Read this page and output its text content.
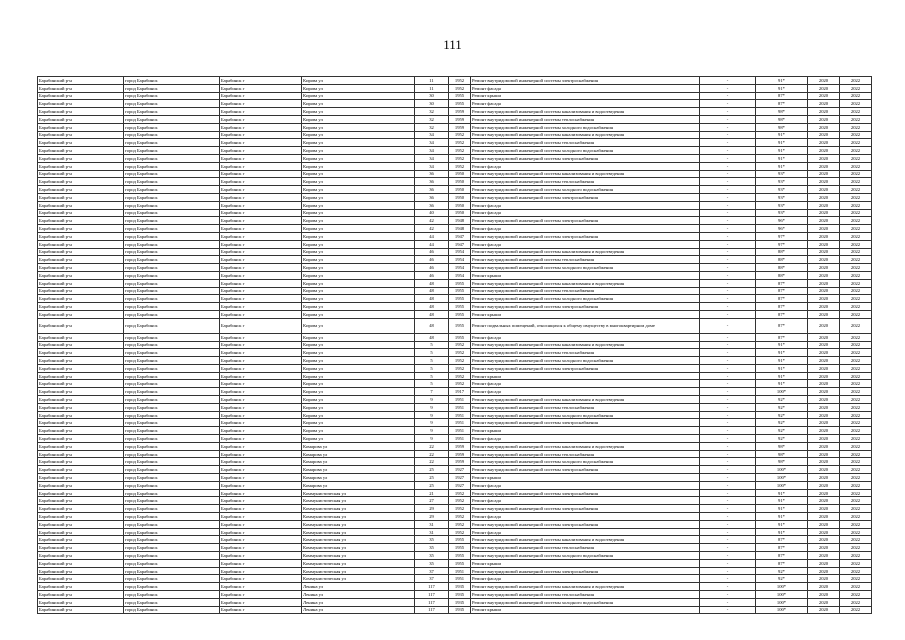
111
Барабинский р-н	город Барабинск	Барабинск г	Кирова ул	11	1952	Ремонт внутридомовой инженерной системы электроснабжения	-	91*	2020	2022
Барабинский р-н	город Барабинск	Барабинск г	Кирова ул	11	1952	Ремонт фасада	-	91*	2020	2022
Барабинский р-н	город Барабинск	Барабинск г	Кирова ул	30	1955	Ремонт крыши	-	87*	2020	2022
Барабинский р-н	город Барабинск	Барабинск г	Кирова ул	30	1955	Ремонт фасада	-	87*	2020	2022
Барабинский р-н	город Барабинск	Барабинск г	Кирова ул	32	1959	Ремонт внутридомовой инженерной системы канализования и водоотведения	-	98*	2020	2022
Барабинский р-н	город Барабинск	Барабинск г	Кирова ул	32	1959	Ремонт внутридомовой инженерной системы теплоснабжения	-	98*	2020	2022
Барабинский р-н	город Барабинск	Барабинск г	Кирова ул	32	1959	Ремонт внутридомовой инженерной системы холодного водоснабжения	-	98*	2020	2022
Барабинский р-н	город Барабинск	Барабинск г	Кирова ул	34	1952	Ремонт внутридомовой инженерной системы канализования и водоотведения	-	91*	2020	2022
Барабинский р-н	город Барабинск	Барабинск г	Кирова ул	34	1952	Ремонт внутридомовой инженерной системы теплоснабжения	-	91*	2020	2022
Барабинский р-н	город Барабинск	Барабинск г	Кирова ул	34	1952	Ремонт внутридомовой инженерной системы холодного водоснабжения	-	91*	2020	2022
Барабинский р-н	город Барабинск	Барабинск г	Кирова ул	34	1952	Ремонт внутридомовой инженерной системы электроснабжения	-	91*	2020	2022
Барабинский р-н	город Барабинск	Барабинск г	Кирова ул	34	1952	Ремонт фасада	-	91*	2020	2022
Барабинский р-н	город Барабинск	Барабинск г	Кирова ул	36	1950	Ремонт внутридомовой инженерной системы канализования и водоотведения	-	93*	2020	2022
Барабинский р-н	город Барабинск	Барабинск г	Кирова ул	36	1950	Ремонт внутридомовой инженерной системы теплоснабжения	-	93*	2020	2022
Барабинский р-н	город Барабинск	Барабинск г	Кирова ул	36	1950	Ремонт внутридомовой инженерной системы холодного водоснабжения	-	93*	2020	2022
Барабинский р-н	город Барабинск	Барабинск г	Кирова ул	36	1950	Ремонт внутридомовой инженерной системы электроснабжения	-	93*	2020	2022
Барабинский р-н	город Барабинск	Барабинск г	Кирова ул	36	1950	Ремонт фасада	-	93*	2020	2022
Барабинский р-н	город Барабинск	Барабинск г	Кирова ул	40	1950	Ремонт фасада	-	93*	2020	2022
Барабинский р-н	город Барабинск	Барабинск г	Кирова ул	42	1948	Ремонт внутридомовой инженерной системы электроснабжения	-	96*	2020	2022
Барабинский р-н	город Барабинск	Барабинск г	Кирова ул	42	1948	Ремонт фасада	-	96*	2020	2022
Барабинский р-н	город Барабинск	Барабинск г	Кирова ул	44	1947	Ремонт внутридомовой инженерной системы электроснабжения	-	97*	2020	2022
Барабинский р-н	город Барабинск	Барабинск г	Кирова ул	44	1947	Ремонт фасада	-	97*	2020	2022
Барабинский р-н	город Барабинск	Барабинск г	Кирова ул	46	1954	Ремонт внутридомовой инженерной системы канализования и водоотведения	-	88*	2020	2022
Барабинский р-н	город Барабинск	Барабинск г	Кирова ул	46	1954	Ремонт внутридомовой инженерной системы теплоснабжения	-	88*	2020	2022
Барабинский р-н	город Барабинск	Барабинск г	Кирова ул	46	1954	Ремонт внутридомовой инженерной системы холодного водоснабжения	-	88*	2020	2022
Барабинский р-н	город Барабинск	Барабинск г	Кирова ул	46	1954	Ремонт крыши	-	88*	2020	2022
Барабинский р-н	город Барабинск	Барабинск г	Кирова ул	48	1955	Ремонт внутридомовой инженерной системы канализования и водоотведения	-	87*	2020	2022
Барабинский р-н	город Барабинск	Барабинск г	Кирова ул	48	1955	Ремонт внутридомовой инженерной системы теплоснабжения	-	87*	2020	2022
Барабинский р-н	город Барабинск	Барабинск г	Кирова ул	48	1955	Ремонт внутридомовой инженерной системы холодного водоснабжения	-	87*	2020	2022
Барабинский р-н	город Барабинск	Барабинск г	Кирова ул	48	1955	Ремонт внутридомовой инженерной системы электроснабжения	-	87*	2020	2022
Барабинский р-н	город Барабинск	Барабинск г	Кирова ул	48	1955	Ремонт крыши	-	87*	2020	2022
Барабинский р-н	город Барабинск	Барабинск г	Кирова ул	48	1955	Ремонт подвальных помещений, относящихся к общему имуществу в многоквартирном доме	-	87*	2020	2022
Барабинский р-н	город Барабинск	Барабинск г	Кирова ул	48	1955	Ремонт фасада	-	87*	2020	2022
Барабинский р-н	город Барабинск	Барабинск г	Кирова ул	5	1952	Ремонт внутридомовой инженерной системы канализования и водоотведения	-	91*	2020	2022
Барабинский р-н	город Барабинск	Барабинск г	Кирова ул	5	1952	Ремонт внутридомовой инженерной системы теплоснабжения	-	91*	2020	2022
Барабинский р-н	город Барабинск	Барабинск г	Кирова ул	5	1952	Ремонт внутридомовой инженерной системы холодного водоснабжения	-	91*	2020	2022
Барабинский р-н	город Барабинск	Барабинск г	Кирова ул	5	1952	Ремонт внутридомовой инженерной системы электроснабжения	-	91*	2020	2022
Барабинский р-н	город Барабинск	Барабинск г	Кирова ул	5	1952	Ремонт крыши	-	91*	2020	2022
Барабинский р-н	город Барабинск	Барабинск г	Кирова ул	5	1952	Ремонт фасада	-	91*	2020	2022
Барабинский р-н	город Барабинск	Барабинск г	Кирова ул	7	1917	Ремонт фасада	-	100*	2020	2022
Барабинский р-н	город Барабинск	Барабинск г	Кирова ул	9	1951	Ремонт внутридомовой инженерной системы канализования и водоотведения	-	92*	2020	2022
Барабинский р-н	город Барабинск	Барабинск г	Кирова ул	9	1951	Ремонт внутридомовой инженерной системы теплоснабжения	-	92*	2020	2022
Барабинский р-н	город Барабинск	Барабинск г	Кирова ул	9	1951	Ремонт внутридомовой инженерной системы холодного водоснабжения	-	92*	2020	2022
Барабинский р-н	город Барабинск	Барабинск г	Кирова ул	9	1951	Ремонт внутридомовой инженерной системы электроснабжения	-	92*	2020	2022
Барабинский р-н	город Барабинск	Барабинск г	Кирова ул	9	1951	Ремонт крыши	-	92*	2020	2022
Барабинский р-н	город Барабинск	Барабинск г	Кирова ул	9	1951	Ремонт фасада	-	92*	2020	2022
Барабинский р-н	город Барабинск	Барабинск г	Комарова ул	22	1959	Ремонт внутридомовой инженерной системы канализования и водоотведения	-	98*	2020	2022
Барабинский р-н	город Барабинск	Барабинск г	Комарова ул	22	1959	Ремонт внутридомовой инженерной системы теплоснабжения	-	98*	2020	2022
Барабинский р-н	город Барабинск	Барабинск г	Комарова ул	22	1959	Ремонт внутридомовой инженерной системы холодного водоснабжения	-	98*	2020	2022
Барабинский р-н	город Барабинск	Барабинск г	Комарова ул	25	1927	Ремонт внутридомовой инженерной системы электроснабжения	-	100*	2020	2022
Барабинский р-н	город Барабинск	Барабинск г	Комарова ул	25	1927	Ремонт крыши	-	100*	2020	2022
Барабинский р-н	город Барабинск	Барабинск г	Комарова ул	25	1927	Ремонт фасада	-	100*	2020	2022
Барабинский р-н	город Барабинск	Барабинск г	Коммунистическая ул	21	1952	Ремонт внутридомовой инженерной системы электроснабжения	-	91*	2020	2022
Барабинский р-н	город Барабинск	Барабинск г	Коммунистическая ул	27	1952	Ремонт фасада	-	91*	2020	2022
Барабинский р-н	город Барабинск	Барабинск г	Коммунистическая ул	29	1952	Ремонт внутридомовой инженерной системы электроснабжения	-	91*	2020	2022
Барабинский р-н	город Барабинск	Барабинск г	Коммунистическая ул	29	1952	Ремонт фасада	-	91*	2020	2022
Барабинский р-н	город Барабинск	Барабинск г	Коммунистическая ул	31	1952	Ремонт внутридомовой инженерной системы электроснабжения	-	91*	2020	2022
Барабинский р-н	город Барабинск	Барабинск г	Коммунистическая ул	31	1952	Ремонт фасада	-	91*	2020	2022
Барабинский р-н	город Барабинск	Барабинск г	Коммунистическая ул	35	1955	Ремонт внутридомовой инженерной системы канализования и водоотведения	-	87*	2020	2022
Барабинский р-н	город Барабинск	Барабинск г	Коммунистическая ул	35	1955	Ремонт внутридомовой инженерной системы теплоснабжения	-	87*	2020	2022
Барабинский р-н	город Барабинск	Барабинск г	Коммунистическая ул	35	1955	Ремонт внутридомовой инженерной системы холодного водоснабжения	-	87*	2020	2022
Барабинский р-н	город Барабинск	Барабинск г	Коммунистическая ул	35	1955	Ремонт крыши	-	87*	2020	2022
Барабинский р-н	город Барабинск	Барабинск г	Коммунистическая ул	37	1951	Ремонт внутридомовой инженерной системы электроснабжения	-	92*	2020	2022
Барабинский р-н	город Барабинск	Барабинск г	Коммунистическая ул	37	1951	Ремонт фасада	-	92*	2020	2022
Барабинский р-н	город Барабинск	Барабинск г	Ленина ул	117	1935	Ремонт внутридомовой инженерной системы канализования и водоотведения	-	100*	2020	2022
Барабинский р-н	город Барабинск	Барабинск г	Ленина ул	117	1935	Ремонт внутридомовой инженерной системы теплоснабжения	-	100*	2020	2022
Барабинский р-н	город Барабинск	Барабинск г	Ленина ул	117	1935	Ремонт внутридомовой инженерной системы холодного водоснабжения	-	100*	2020	2022
Барабинский р-н	город Барабинск	Барабинск г	Ленина ул	117	1935	Ремонт крыши	-	100*	2020	2022
